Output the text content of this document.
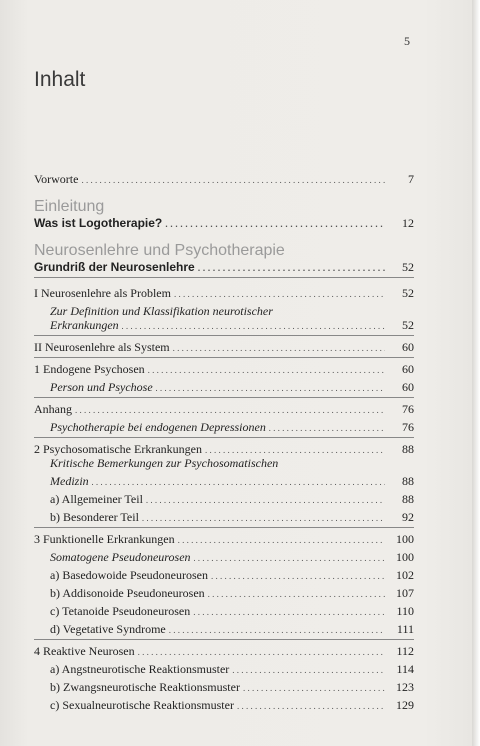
5
Inhalt
Vorworte . . .	7
Einleitung
Was ist Logotherapie? . . .	12
Neurosenlehre und Psychotherapie
Grundriß der Neurosenlehre . . .	52
I Neurosenlehre als Problem . . .	52
Zur Definition und Klassifikation neurotischer
Erkrankungen . . .	52
II Neurosenlehre als System . . .	60
1 Endogene Psychosen . . .	60
Person und Psychose . . .	60
Anhang . . .	76
Psychotherapie bei endogenen Depressionen . . .	76
2 Psychosomatische Erkrankungen . . .	88
Kritische Bemerkungen zur Psychosomatischen
Medizin . . .	88
a) Allgemeiner Teil . . .	88
b) Besonderer Teil . . .	92
3 Funktionelle Erkrankungen . . .	100
Somatogene Pseudoneurosen . . .	100
a) Basedowoide Pseudoneurosen . . .	102
b) Addisonoide Pseudoneurosen . . .	107
c) Tetanoide Pseudoneurosen . . .	110
d) Vegetative Syndrome . . .	111
4 Reaktive Neurosen . . .	112
a) Angstneurotische Reaktionsmuster . . .	114
b) Zwangsneurotische Reaktionsmuster . . .	123
c) Sexualneurotische Reaktionsmuster . . .	129
